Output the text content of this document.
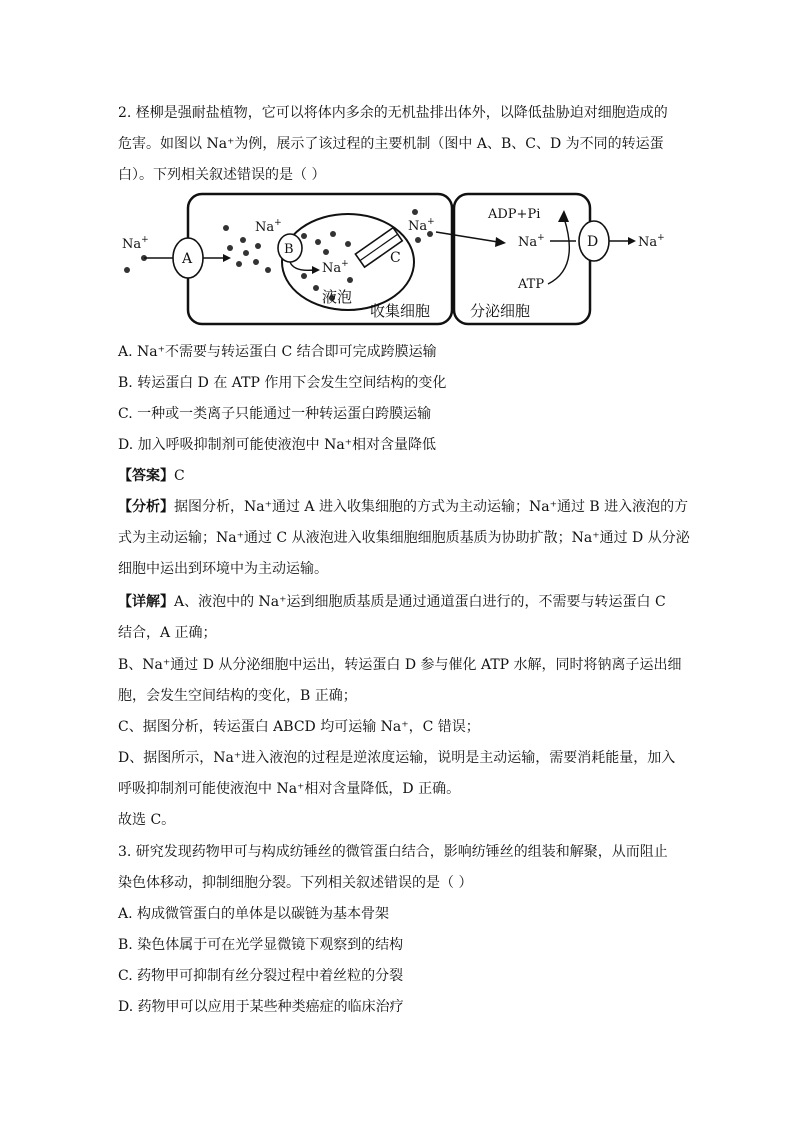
2. 柽柳是强耐盐植物，它可以将体内多余的无机盐排出体外，以降低盐胁迫对细胞造成的
危害。如图以 Na⁺为例，展示了该过程的主要机制（图中 A、B、C、D 为不同的转运蛋
白）。下列相关叙述错误的是（ ）
Na+
A
Na+
B
Na+
液泡
C
Na+
Na+
ADP+Pi
ATP
D	Na+
收集细胞	分泌细胞
A. Na⁺不需要与转运蛋白 C 结合即可完成跨膜运输
B. 转运蛋白 D 在 ATP 作用下会发生空间结构的变化
C. 一种或一类离子只能通过一种转运蛋白跨膜运输
D. 加入呼吸抑制剂可能使液泡中 Na⁺相对含量降低
【答案】C
【分析】据图分析，Na⁺通过 A 进入收集细胞的方式为主动运输；Na⁺通过 B 进入液泡的方
式为主动运输；Na⁺通过 C 从液泡进入收集细胞细胞质基质为协助扩散；Na⁺通过 D 从分泌
细胞中运出到环境中为主动运输。
【详解】A、液泡中的 Na⁺运到细胞质基质是通过通道蛋白进行的，不需要与转运蛋白 C
结合，A 正确；
B、Na⁺通过 D 从分泌细胞中运出，转运蛋白 D 参与催化 ATP 水解，同时将钠离子运出细
胞，会发生空间结构的变化，B 正确；
C、据图分析，转运蛋白 ABCD 均可运输 Na⁺，C 错误；
D、据图所示，Na⁺进入液泡的过程是逆浓度运输，说明是主动运输，需要消耗能量，加入
呼吸抑制剂可能使液泡中 Na⁺相对含量降低，D 正确。
故选 C。
3. 研究发现药物甲可与构成纺锤丝的微管蛋白结合，影响纺锤丝的组装和解聚，从而阻止
染色体移动，抑制细胞分裂。下列相关叙述错误的是（ ）
A. 构成微管蛋白的单体是以碳链为基本骨架
B. 染色体属于可在光学显微镜下观察到的结构
C. 药物甲可抑制有丝分裂过程中着丝粒的分裂
D. 药物甲可以应用于某些种类癌症的临床治疗
